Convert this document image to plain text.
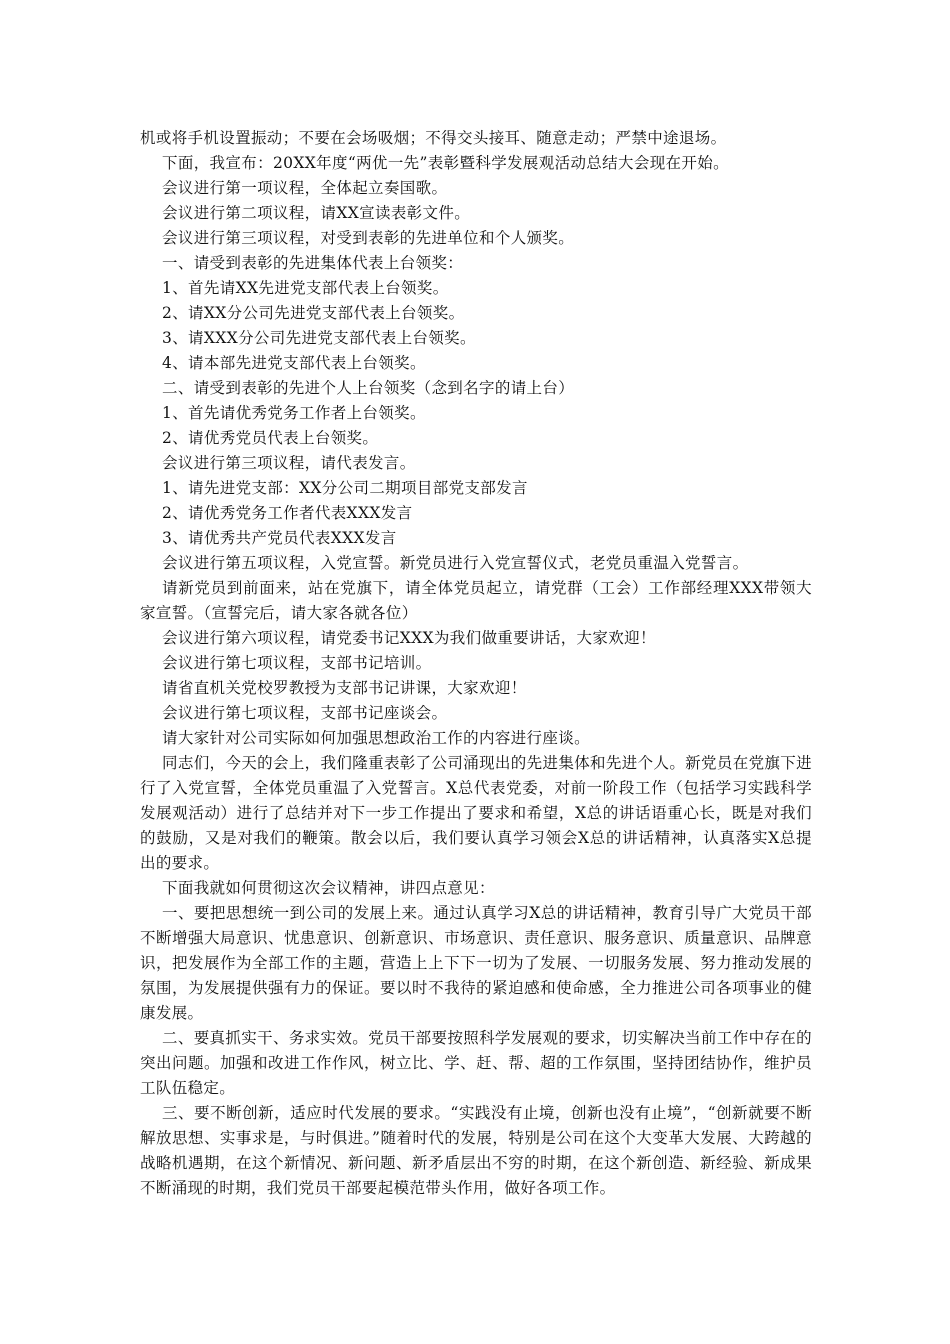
机或将手机设置振动；不要在会场吸烟；不得交头接耳、随意走动；严禁中途退场。

下面，我宣布：20XX年度“两优一先”表彰暨科学发展观活动总结大会现在开始。

会议进行第一项议程，全体起立奏国歌。

会议进行第二项议程，请XX宣读表彰文件。

会议进行第三项议程，对受到表彰的先进单位和个人颁奖。

一、请受到表彰的先进集体代表上台领奖：

1、首先请XX先进党支部代表上台领奖。

2、请XX分公司先进党支部代表上台领奖。

3、请XXX分公司先进党支部代表上台领奖。

4、请本部先进党支部代表上台领奖。

二、请受到表彰的先进个人上台领奖（念到名字的请上台）

1、首先请优秀党务工作者上台领奖。

2、请优秀党员代表上台领奖。

会议进行第三项议程，请代表发言。

1、请先进党支部：XX分公司二期项目部党支部发言

2、请优秀党务工作者代表XXX发言

3、请优秀共产党员代表XXX发言

会议进行第五项议程，入党宣誓。新党员进行入党宣誓仪式，老党员重温入党誓言。

请新党员到前面来，站在党旗下，请全体党员起立，请党群（工会）工作部经理XXX带领大家宣誓。（宣誓完后，请大家各就各位）

会议进行第六项议程，请党委书记XXX为我们做重要讲话，大家欢迎！

会议进行第七项议程，支部书记培训。

请省直机关党校罗教授为支部书记讲课，大家欢迎！

会议进行第七项议程，支部书记座谈会。

请大家针对公司实际如何加强思想政治工作的内容进行座谈。

同志们，今天的会上，我们隆重表彰了公司涌现出的先进集体和先进个人。新党员在党旗下进行了入党宣誓，全体党员重温了入党誓言。X总代表党委，对前一阶段工作（包括学习实践科学发展观活动）进行了总结并对下一步工作提出了要求和希望，X总的讲话语重心长，既是对我们的鼓励，又是对我们的鞭策。散会以后，我们要认真学习领会X总的讲话精神，认真落实X总提出的要求。

下面我就如何贯彻这次会议精神，讲四点意见：

一、要把思想统一到公司的发展上来。通过认真学习X总的讲话精神，教育引导广大党员干部不断增强大局意识、忧患意识、创新意识、市场意识、责任意识、服务意识、质量意识、品牌意识，把发展作为全部工作的主题，营造上上下下一切为了发展、一切服务发展、努力推动发展的氛围，为发展提供强有力的保证。要以时不我待的紧迫感和使命感，全力推进公司各项事业的健康发展。

二、要真抓实干、务求实效。党员干部要按照科学发展观的要求，切实解决当前工作中存在的突出问题。加强和改进工作作风，树立比、学、赶、帮、超的工作氛围，坚持团结协作，维护员工队伍稳定。

三、要不断创新，适应时代发展的要求。“实践没有止境，创新也没有止境”，“创新就要不断解放思想、实事求是，与时俱进。”随着时代的发展，特别是公司在这个大变革大发展、大跨越的战略机遇期，在这个新情况、新问题、新矛盾层出不穷的时期，在这个新创造、新经验、新成果不断涌现的时期，我们党员干部要起模范带头作用，做好各项工作。
